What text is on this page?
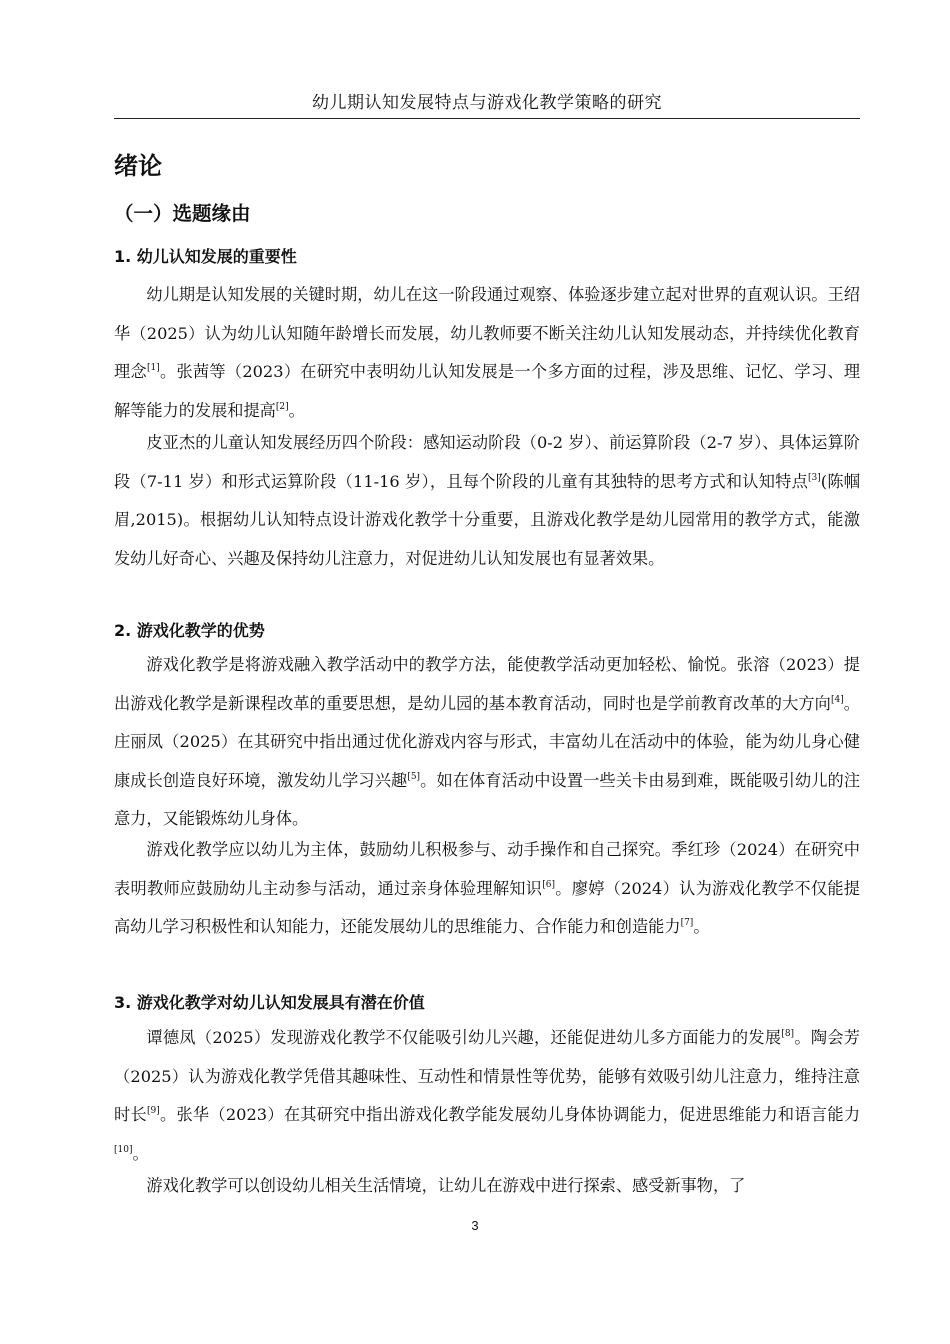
幼儿期认知发展特点与游戏化教学策略的研究
绪论
（一）选题缘由
1. 幼儿认知发展的重要性

幼儿期是认知发展的关键时期，幼儿在这一阶段通过观察、体验逐步建立起对世界的直观认识。王绍华（2025）认为幼儿认知随年龄增长而发展，幼儿教师要不断关注幼儿认知发展动态，并持续优化教育理念[1]。张茜等（2023）在研究中表明幼儿认知发展是一个多方面的过程，涉及思维、记忆、学习、理解等能力的发展和提高[2]。

皮亚杰的儿童认知发展经历四个阶段：感知运动阶段（0-2 岁）、前运算阶段（2-7 岁）、具体运算阶段（7-11 岁）和形式运算阶段（11-16 岁），且每个阶段的儿童有其独特的思考方式和认知特点[3](陈帼眉,2015)。根据幼儿认知特点设计游戏化教学十分重要，且游戏化教学是幼儿园常用的教学方式，能激发幼儿好奇心、兴趣及保持幼儿注意力，对促进幼儿认知发展也有显著效果。

2. 游戏化教学的优势

游戏化教学是将游戏融入教学活动中的教学方法，能使教学活动更加轻松、愉悦。张溶（2023）提出游戏化教学是新课程改革的重要思想，是幼儿园的基本教育活动，同时也是学前教育改革的大方向[4]。庄丽凤（2025）在其研究中指出通过优化游戏内容与形式，丰富幼儿在活动中的体验，能为幼儿身心健康成长创造良好环境，激发幼儿学习兴趣[5]。如在体育活动中设置一些关卡由易到难，既能吸引幼儿的注意力，又能锻炼幼儿身体。

游戏化教学应以幼儿为主体，鼓励幼儿积极参与、动手操作和自己探究。季红珍（2024）在研究中表明教师应鼓励幼儿主动参与活动，通过亲身体验理解知识[6]。廖婷（2024）认为游戏化教学不仅能提高幼儿学习积极性和认知能力，还能发展幼儿的思维能力、合作能力和创造能力[7]。

3. 游戏化教学对幼儿认知发展具有潜在价值

谭德凤（2025）发现游戏化教学不仅能吸引幼儿兴趣，还能促进幼儿多方面能力的发展[8]。陶会芳（2025）认为游戏化教学凭借其趣味性、互动性和情景性等优势，能够有效吸引幼儿注意力，维持注意时长[9]。张华（2023）在其研究中指出游戏化教学能发展幼儿身体协调能力，促进思维能力和语言能力[10]。

游戏化教学可以创设幼儿相关生活情境，让幼儿在游戏中进行探索、感受新事物，了

3
